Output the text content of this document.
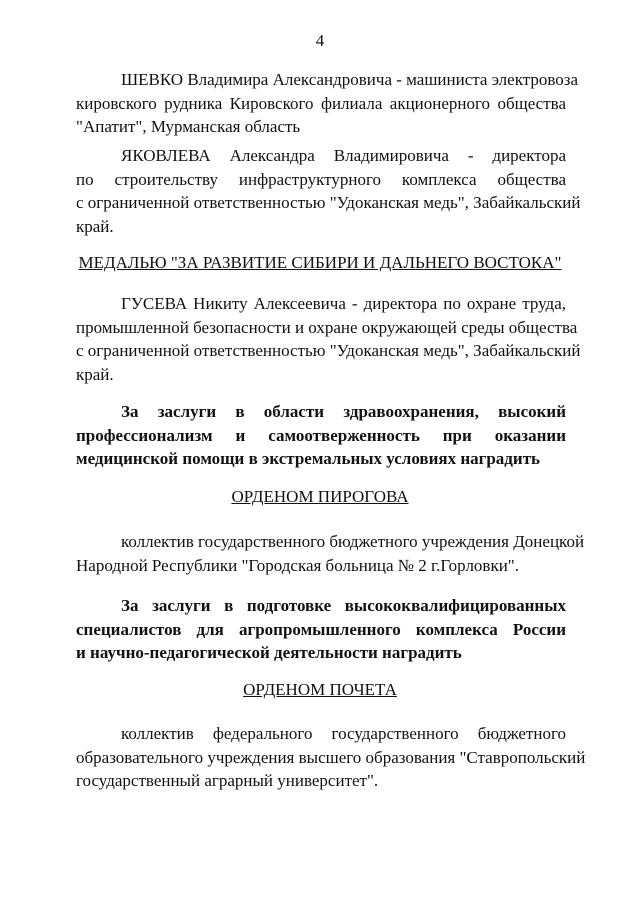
4
ШЕВКО Владимира Александровича - машиниста электровоза
кировского рудника Кировского филиала акционерного общества
"Апатит", Мурманская область
ЯКОВЛЕВА Александра Владимировича - директора
по строительству инфраструктурного комплекса общества
с ограниченной ответственностью "Удоканская медь", Забайкальский
край.
МЕДАЛЬЮ "ЗА РАЗВИТИЕ СИБИРИ И ДАЛЬНЕГО ВОСТОКА"
ГУСЕВА Никиту Алексеевича - директора по охране труда,
промышленной безопасности и охране окружающей среды общества
с ограниченной ответственностью "Удоканская медь", Забайкальский
край.
За заслуги в области здравоохранения, высокий
профессионализм и самоотверженность при оказании
медицинской помощи в экстремальных условиях наградить
ОРДЕНОМ ПИРОГОВА
коллектив государственного бюджетного учреждения Донецкой
Народной Республики "Городская больница № 2 г.Горловки".
За заслуги в подготовке высококвалифицированных
специалистов для агропромышленного комплекса России
и научно-педагогической деятельности наградить
ОРДЕНОМ ПОЧЕТА
коллектив федерального государственного бюджетного
образовательного учреждения высшего образования "Ставропольский
государственный аграрный университет".
